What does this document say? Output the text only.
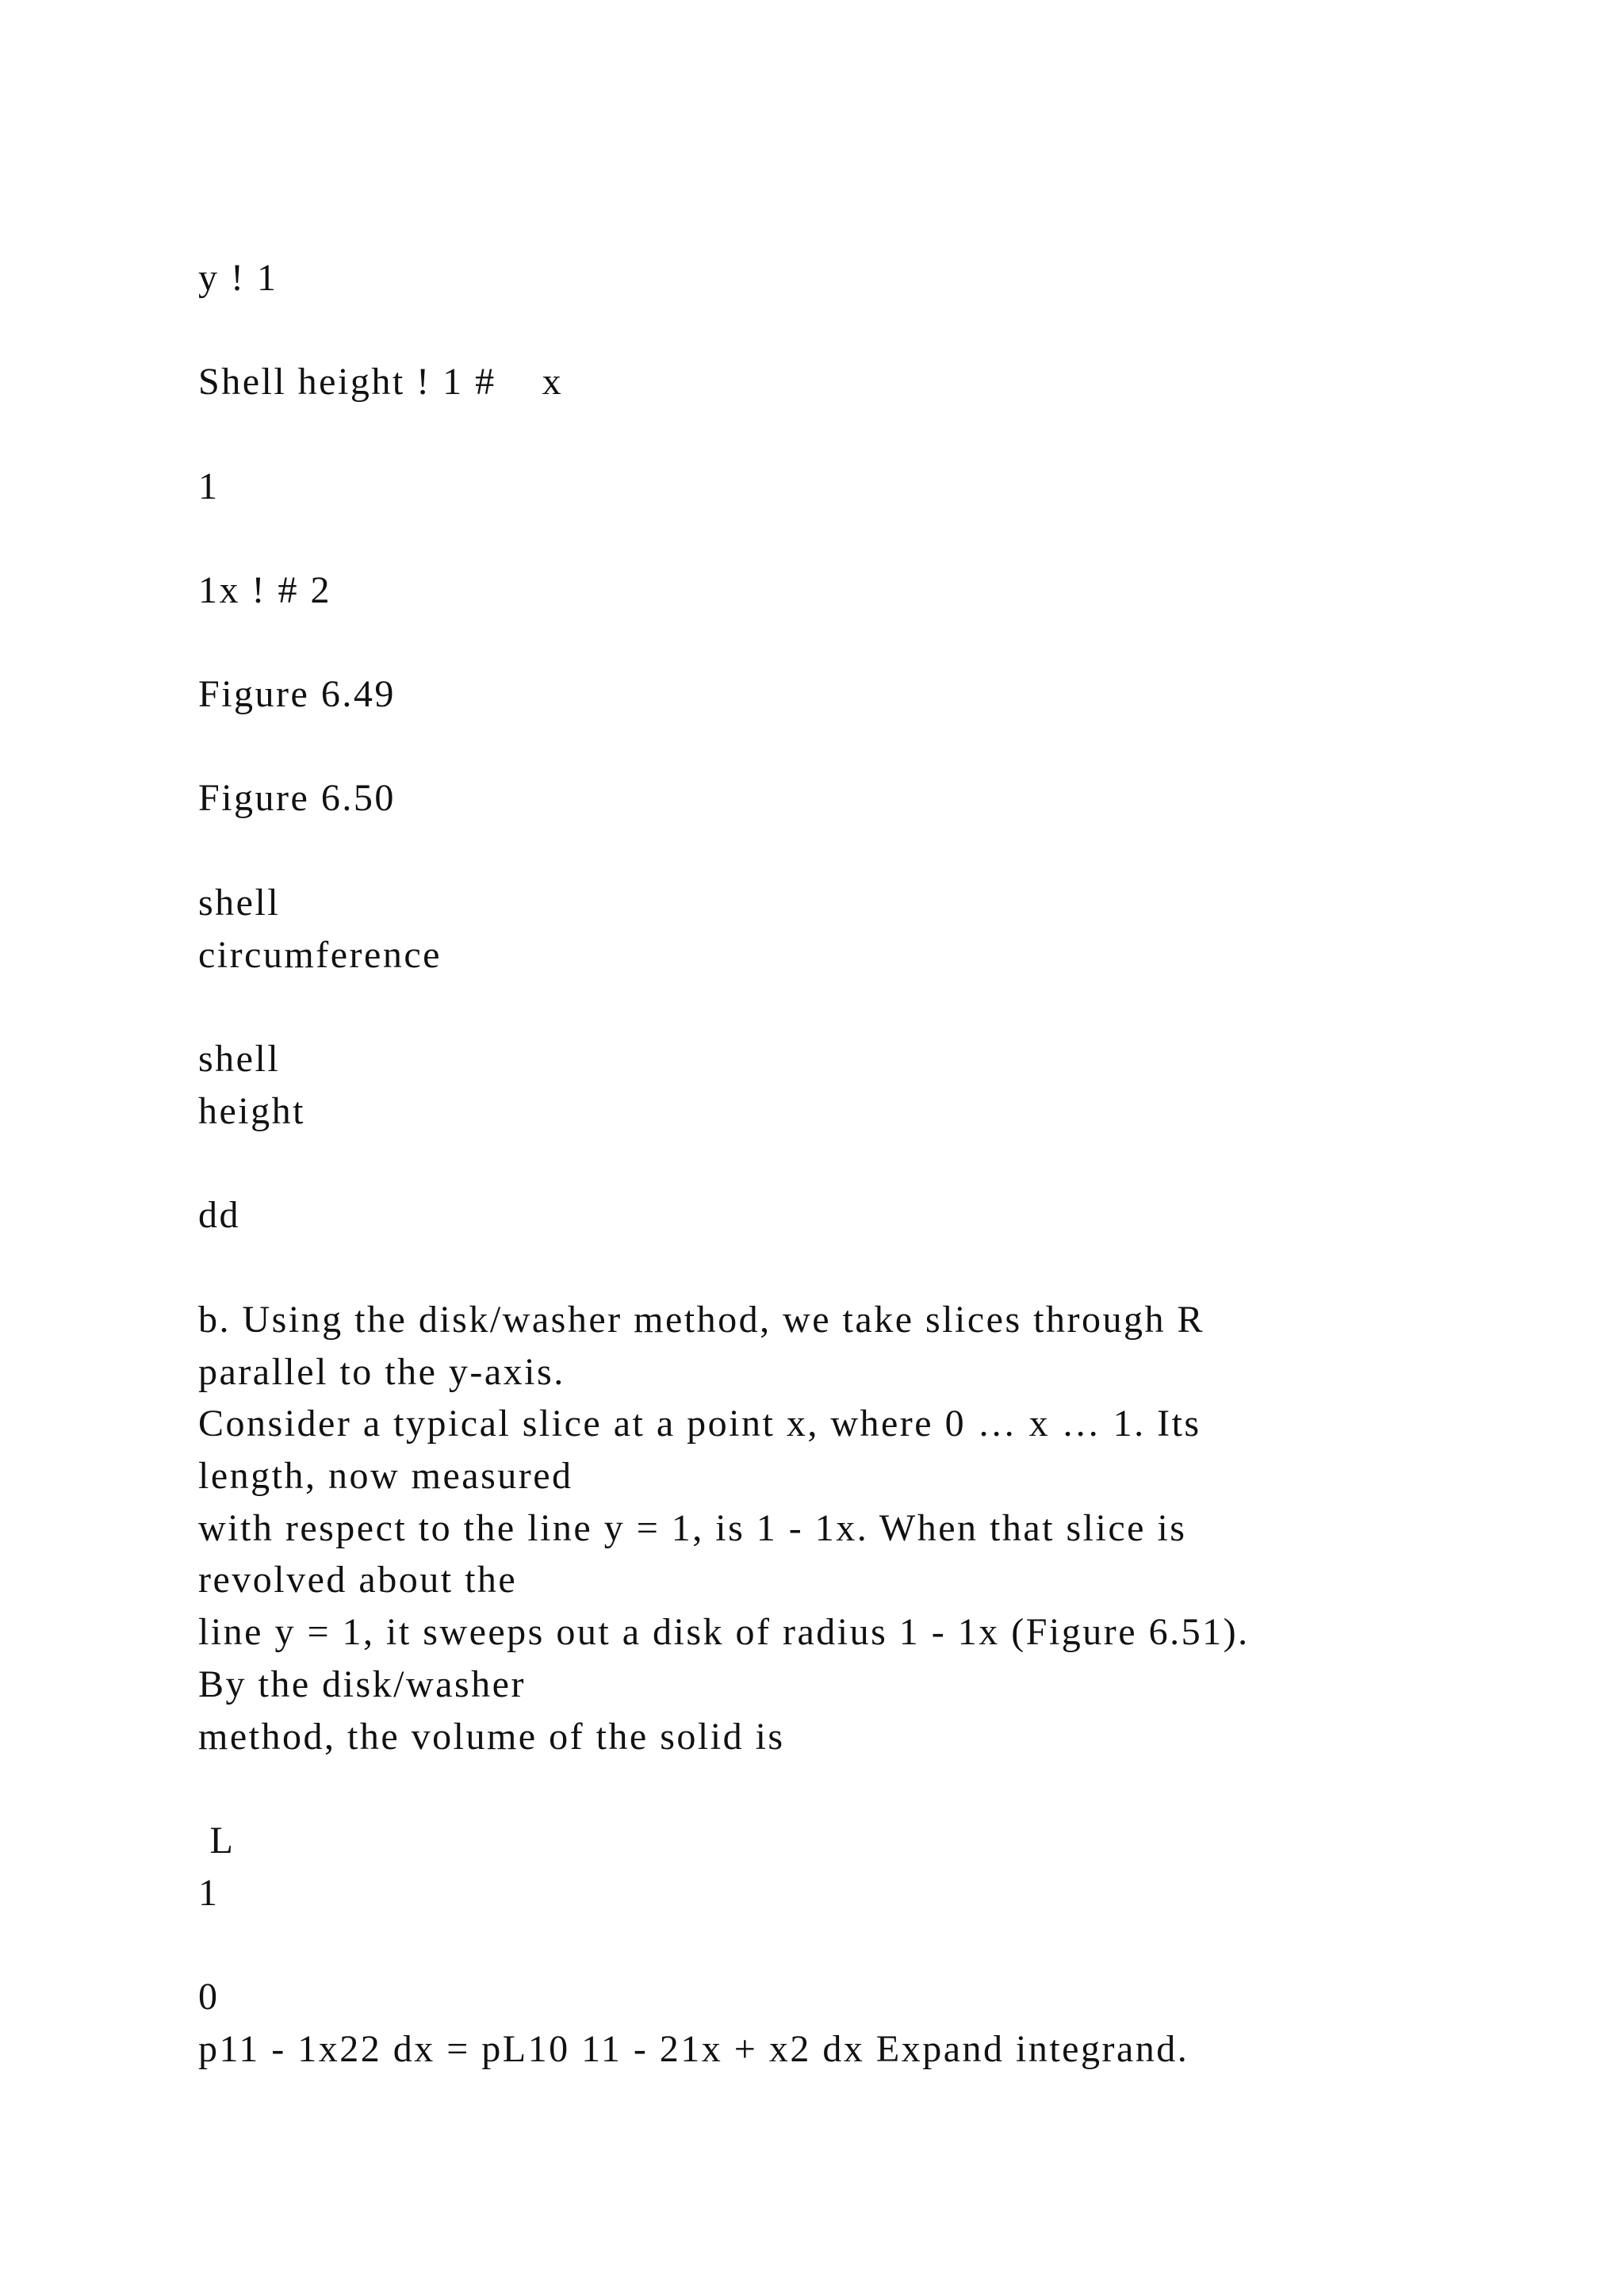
y ! 1

Shell height ! 1 #    x

1

1x ! # 2

Figure 6.49

Figure 6.50

shell

circumference

shell

height

dd

b. Using the disk/washer method, we take slices through R

parallel to the y-axis.

Consider a typical slice at a point x, where 0 … x … 1. Its

length, now measured

with respect to the line y = 1, is 1 - 1x. When that slice is

revolved about the

line y = 1, it sweeps out a disk of radius 1 - 1x (Figure 6.51).

By the disk/washer

method, the volume of the solid is

L

1

0

p11 - 1x22 dx = pL10 11 - 21x + x2 dx Expand integrand.
